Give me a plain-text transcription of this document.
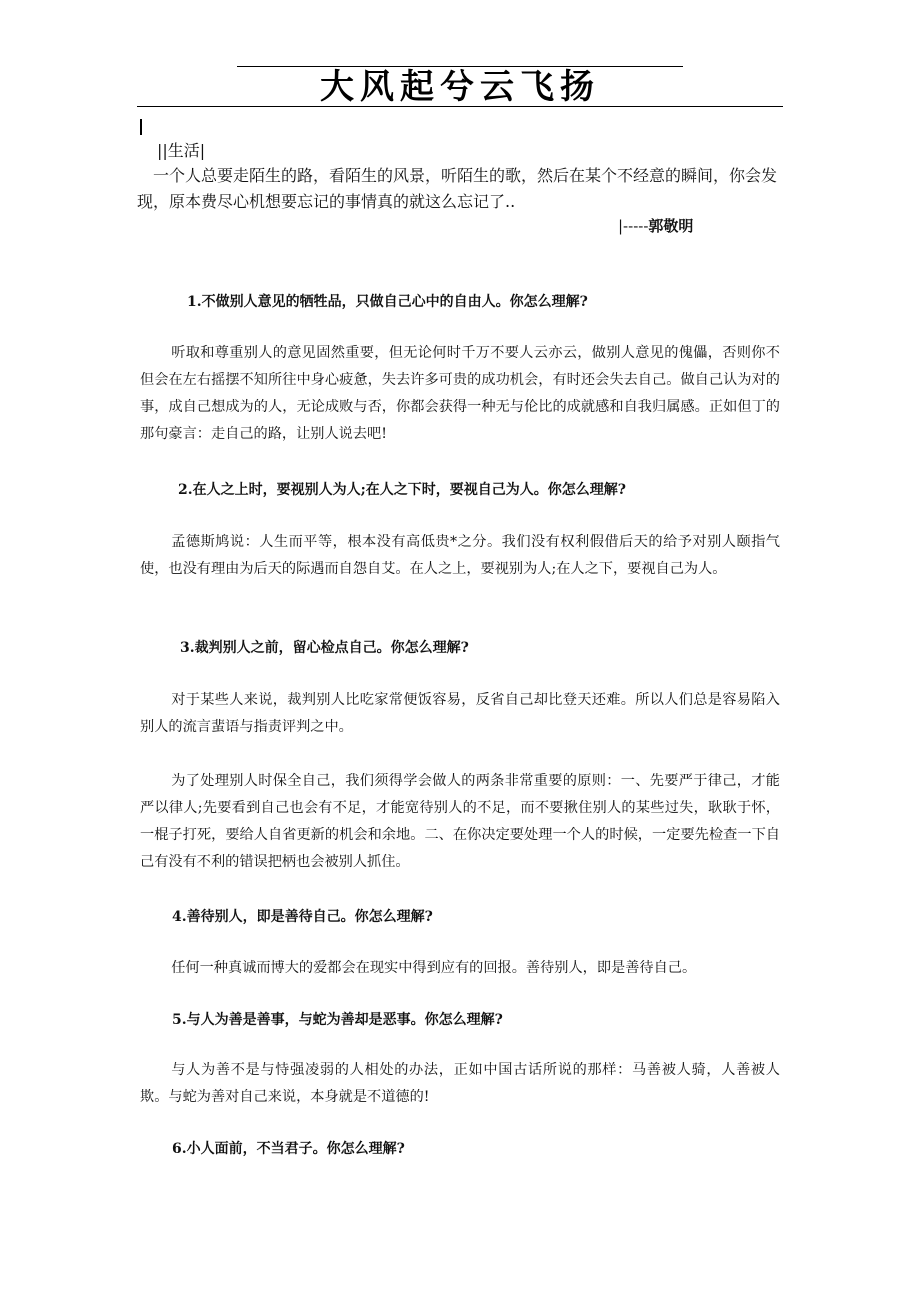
大风起兮云飞扬
||生活|
一个人总要走陌生的路，看陌生的风景，听陌生的歌，然后在某个不经意的瞬间，你会发现，原本费尽心机想要忘记的事情真的就这么忘记了..
|-----郭敬明
1.不做别人意见的牺牲品，只做自己心中的自由人。你怎么理解?
听取和尊重别人的意见固然重要，但无论何时千万不要人云亦云，做别人意见的傀儡，否则你不但会在左右摇摆不知所往中身心疲惫，失去许多可贵的成功机会，有时还会失去自己。做自己认为对的事，成自己想成为的人，无论成败与否，你都会获得一种无与伦比的成就感和自我归属感。正如但丁的那句豪言：走自己的路，让别人说去吧!
2.在人之上时，要视别人为人;在人之下时，要视自己为人。你怎么理解?
孟德斯鸠说：人生而平等，根本没有高低贵*之分。我们没有权利假借后天的给予对别人颐指气使，也没有理由为后天的际遇而自怨自艾。在人之上，要视别为人;在人之下，要视自己为人。
3.裁判别人之前，留心检点自己。你怎么理解?
对于某些人来说，裁判别人比吃家常便饭容易，反省自己却比登天还难。所以人们总是容易陷入别人的流言蜚语与指责评判之中。
为了处理别人时保全自己，我们须得学会做人的两条非常重要的原则：一、先要严于律己，才能严以律人;先要看到自己也会有不足，才能宽待别人的不足，而不要揪住别人的某些过失，耿耿于怀，一棍子打死，要给人自省更新的机会和余地。二、在你决定要处理一个人的时候，一定要先检查一下自己有没有不利的错误把柄也会被别人抓住。
4.善待别人，即是善待自己。你怎么理解?
任何一种真诚而博大的爱都会在现实中得到应有的回报。善待别人，即是善待自己。
5.与人为善是善事，与蛇为善却是恶事。你怎么理解?
与人为善不是与恃强凌弱的人相处的办法，正如中国古话所说的那样：马善被人骑，人善被人欺。与蛇为善对自己来说，本身就是不道德的!
6.小人面前，不当君子。你怎么理解?
